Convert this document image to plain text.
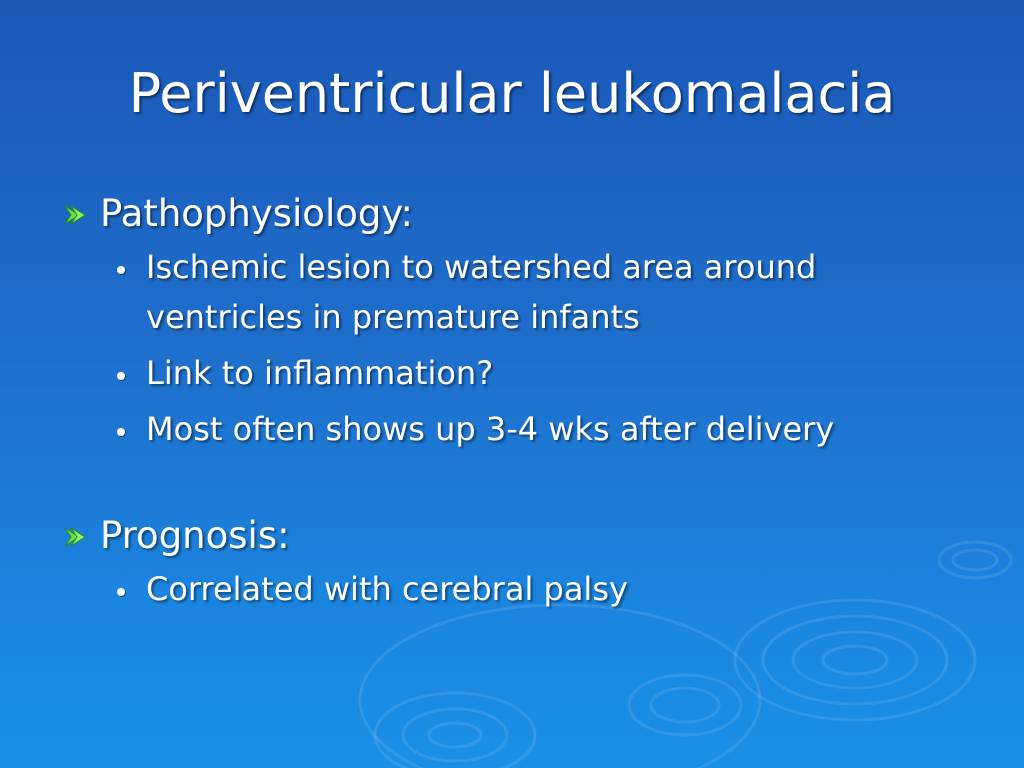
Periventricular leukomalacia
Pathophysiology:
Ischemic lesion to watershed area around ventricles in premature infants
Link to inflammation?
Most often shows up 3-4 wks after delivery
Prognosis:
Correlated with cerebral palsy
